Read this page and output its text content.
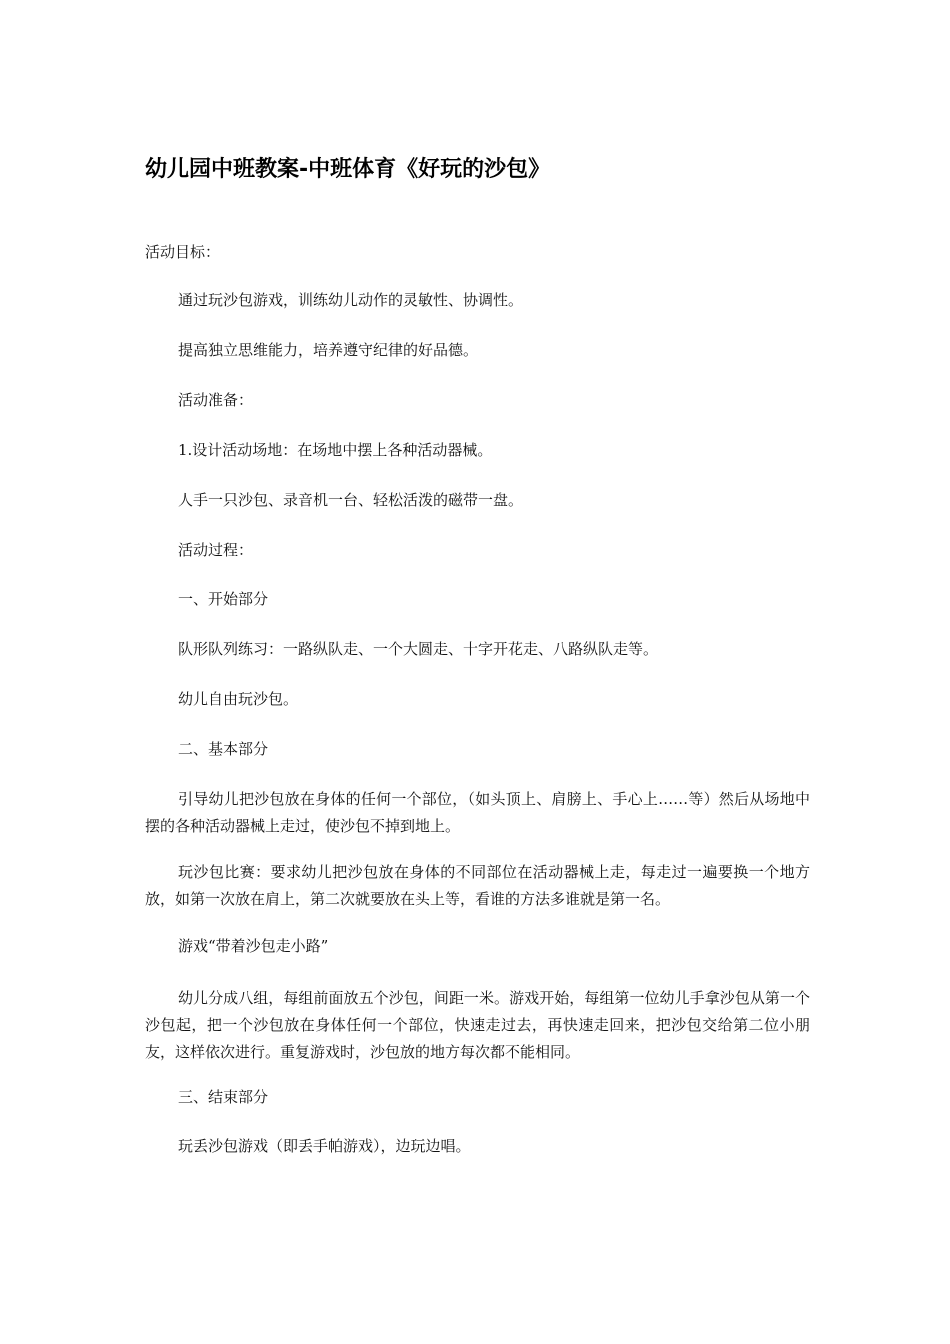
幼儿园中班教案-中班体育《好玩的沙包》
活动目标：
通过玩沙包游戏，训练幼儿动作的灵敏性、协调性。
提高独立思维能力，培养遵守纪律的好品德。
活动准备：
1.设计活动场地：在场地中摆上各种活动器械。
人手一只沙包、录音机一台、轻松活泼的磁带一盘。
活动过程：
一、开始部分
队形队列练习：一路纵队走、一个大圆走、十字开花走、八路纵队走等。
幼儿自由玩沙包。
二、基本部分
引导幼儿把沙包放在身体的任何一个部位，（如头顶上、肩膀上、手心上……等）然后从场地中摆的各种活动器械上走过，使沙包不掉到地上。
玩沙包比赛：要求幼儿把沙包放在身体的不同部位在活动器械上走，每走过一遍要换一个地方放，如第一次放在肩上，第二次就要放在头上等，看谁的方法多谁就是第一名。
游戏“带着沙包走小路”
幼儿分成八组，每组前面放五个沙包，间距一米。游戏开始，每组第一位幼儿手拿沙包从第一个沙包起，把一个沙包放在身体任何一个部位，快速走过去，再快速走回来，把沙包交给第二位小朋友，这样依次进行。重复游戏时，沙包放的地方每次都不能相同。
三、结束部分
玩丢沙包游戏（即丢手帕游戏），边玩边唱。
